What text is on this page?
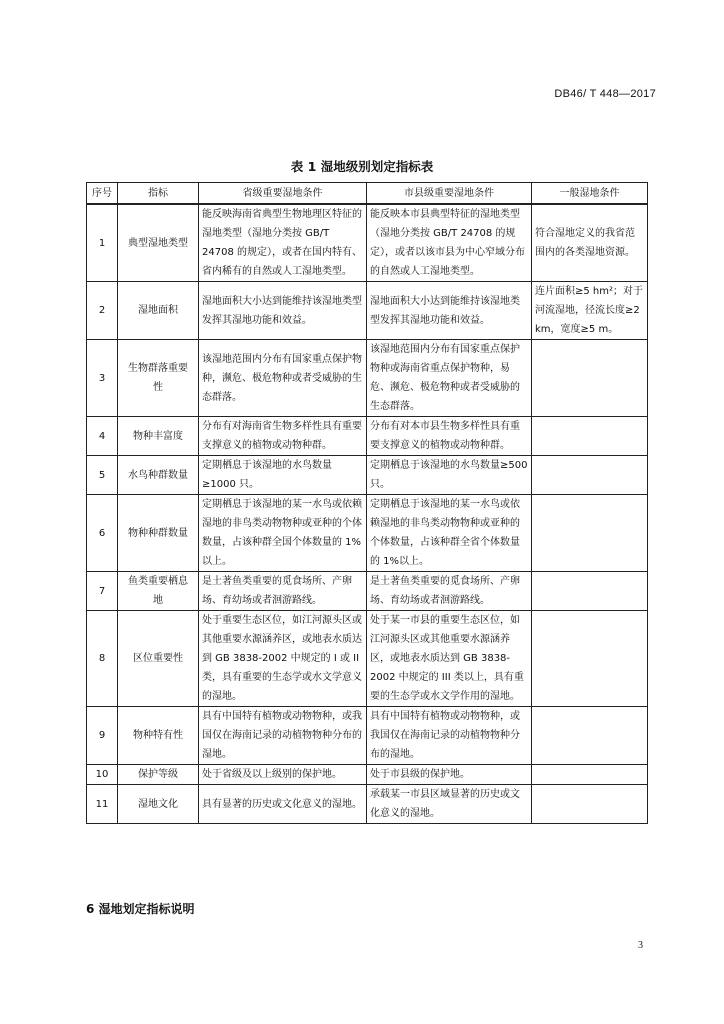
DB46/ T 448—2017
表 1 湿地级别划定指标表
序号	指标	省级重要湿地条件	市县级重要湿地条件	一般湿地条件
1	典型湿地类型	能反映海南省典型生物地理区特征的湿地类型（湿地分类按 GB/T 24708 的规定），或者在国内特有、省内稀有的自然或人工湿地类型。	能反映本市县典型特征的湿地类型（湿地分类按 GB/T 24708 的规定），或者以该市县为中心窄域分布的自然或人工湿地类型。	符合湿地定义的我省范围内的各类湿地资源。
2	湿地面积	湿地面积大小达到能维持该湿地类型发挥其湿地功能和效益。	湿地面积大小达到能维持该湿地类型发挥其湿地功能和效益。	连片面积≥5 hm²；对于河流湿地，径流长度≥2 km，宽度≥5 m。
3	生物群落重要性	该湿地范围内分布有国家重点保护物种，濒危、极危物种或者受威胁的生态群落。	该湿地范围内分布有国家重点保护物种或海南省重点保护物种，易危、濒危、极危物种或者受威胁的生态群落。	
4	物种丰富度	分布有对海南省生物多样性具有重要支撑意义的植物或动物种群。	分布有对本市县生物多样性具有重要支撑意义的植物或动物种群。	
5	水鸟种群数量	定期栖息于该湿地的水鸟数量≥1000 只。	定期栖息于该湿地的水鸟数量≥500 只。	
6	物种种群数量	定期栖息于该湿地的某一水鸟或依赖湿地的非鸟类动物物种或亚种的个体数量，占该种群全国个体数量的 1%以上。	定期栖息于该湿地的某一水鸟或依赖湿地的非鸟类动物物种或亚种的个体数量，占该种群全省个体数量的 1%以上。	
7	鱼类重要栖息地	是土著鱼类重要的觅食场所、产卵场、育幼场或者洄游路线。	是土著鱼类重要的觅食场所、产卵场、育幼场或者洄游路线。	
8	区位重要性	处于重要生态区位，如江河源头区或其他重要水源涵养区，或地表水质达到 GB 3838-2002 中规定的 I 或 II 类，具有重要的生态学或水文学意义的湿地。	处于某一市县的重要生态区位，如江河源头区或其他重要水源涵养区，或地表水质达到 GB 3838-2002 中规定的 III 类以上，具有重要的生态学或水文学作用的湿地。	
9	物种特有性	具有中国特有植物或动物物种，或我国仅在海南记录的动植物物种分布的湿地。	具有中国特有植物或动物物种，或我国仅在海南记录的动植物物种分布的湿地。	
10	保护等级	处于省级及以上级别的保护地。	处于市县级的保护地。	
11	湿地文化	具有显著的历史或文化意义的湿地。	承载某一市县区域显著的历史或文化意义的湿地。	
6 湿地划定指标说明
3
